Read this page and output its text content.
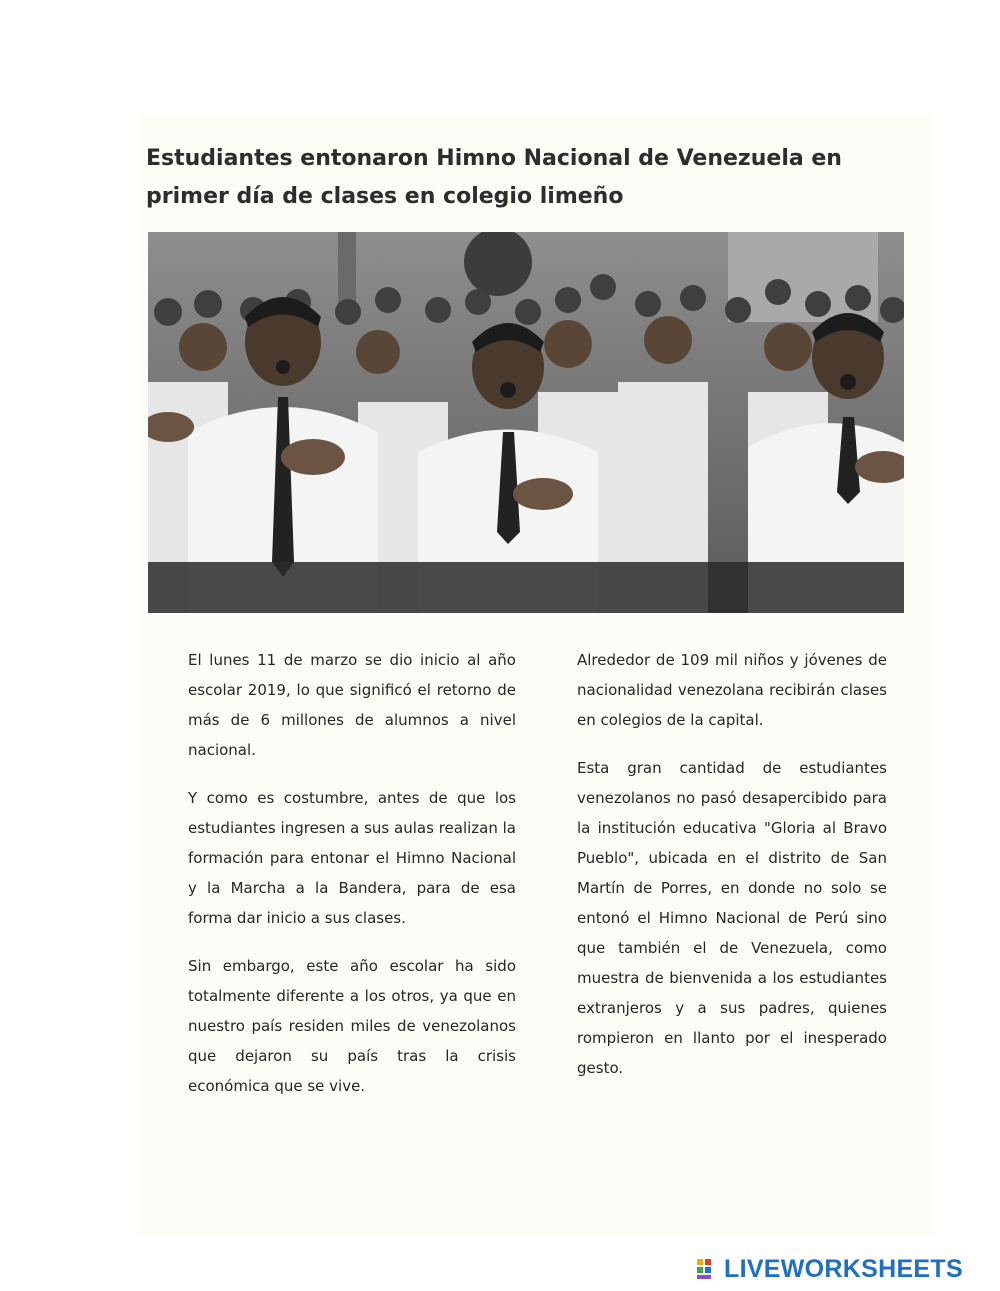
Estudiantes entonaron Himno Nacional de Venezuela en primer día de clases en colegio limeño

El lunes 11 de marzo se dio inicio al año escolar 2019, lo que significó el retorno de más de 6 millones de alumnos a nivel nacional.

Y como es costumbre, antes de que los estudiantes ingresen a sus aulas realizan la formación para entonar el Himno Nacional y la Marcha a la Bandera, para de esa forma dar inicio a sus clases.

Sin embargo, este año escolar ha sido totalmente diferente a los otros, ya que en nuestro país residen miles de venezolanos que dejaron su país tras la crisis económica que se vive.

Alrededor de 109 mil niños y jóvenes de nacionalidad venezolana recibirán clases en colegios de la capital.

Esta gran cantidad de estudiantes venezolanos no pasó desapercibido para la institución educativa "Gloria al Bravo Pueblo", ubicada en el distrito de San Martín de Porres, en donde no solo se entonó el Himno Nacional de Perú sino que también el de Venezuela, como muestra de bienvenida a los estudiantes extranjeros y a sus padres, quienes rompieron en llanto por el inesperado gesto.

LIVEWORKSHEETS
